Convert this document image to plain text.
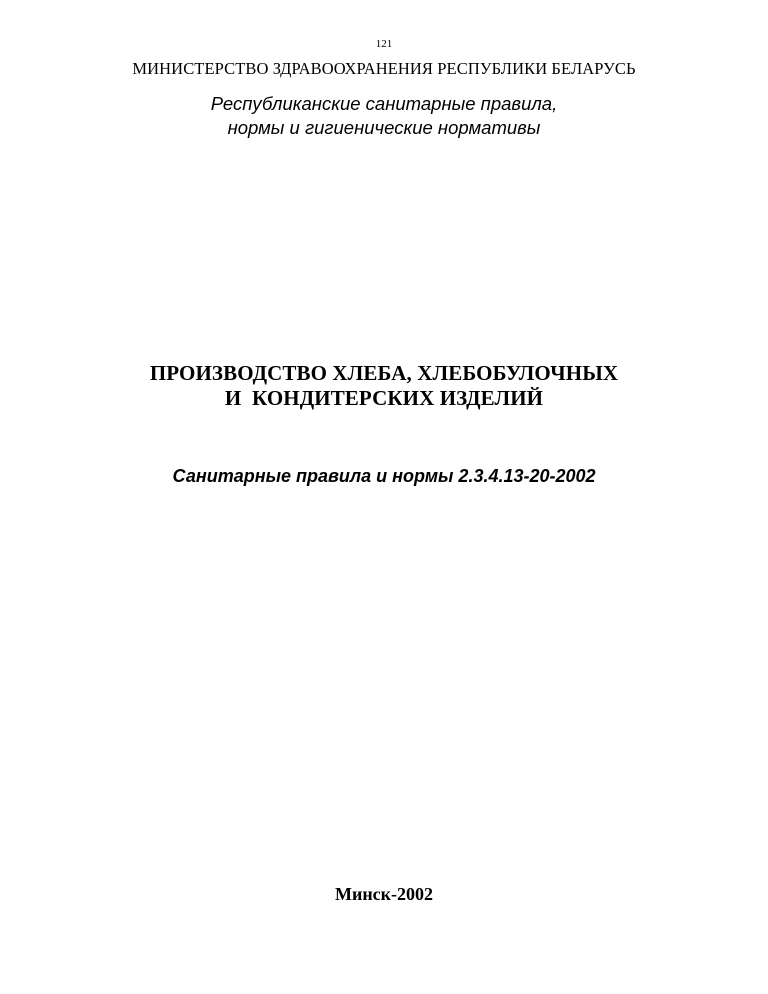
121
МИНИСТЕРСТВО ЗДРАВООХРАНЕНИЯ РЕСПУБЛИКИ БЕЛАРУСЬ
Республиканские санитарные правила,
нормы и гигиенические нормативы
ПРОИЗВОДСТВО ХЛЕБА, ХЛЕБОБУЛОЧНЫХ
И  КОНДИТЕРСКИХ ИЗДЕЛИЙ
Санитарные правила и нормы 2.3.4.13-20-2002
Минск-2002
